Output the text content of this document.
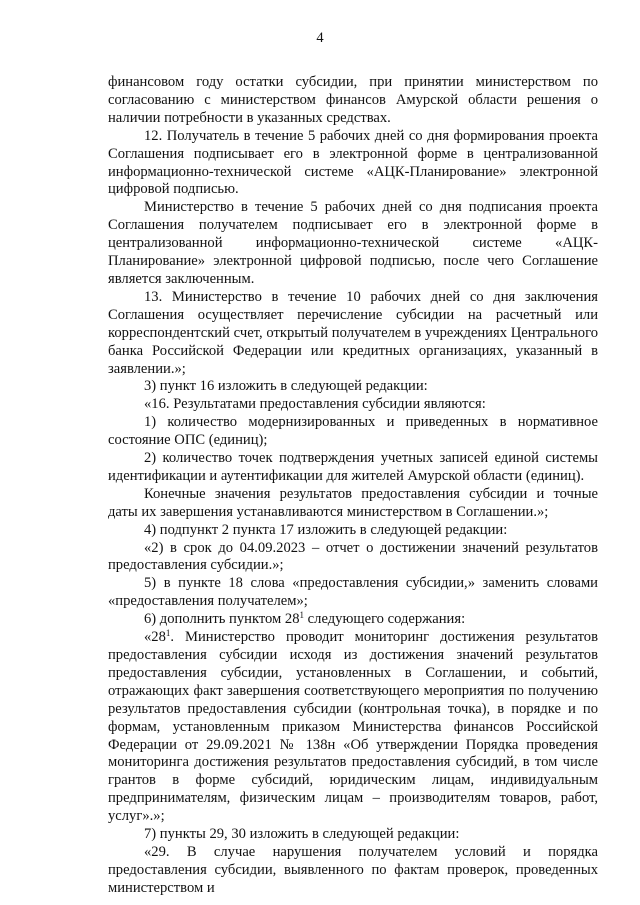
4

финансовом году остатки субсидии, при принятии министерством по согласованию с министерством финансов Амурской области решения о наличии потребности в указанных средствах.

12. Получатель в течение 5 рабочих дней со дня формирования проекта Соглашения подписывает его в электронной форме в централизованной информационно-технической системе «АЦК-Планирование» электронной цифровой подписью.

Министерство в течение 5 рабочих дней со дня подписания проекта Соглашения получателем подписывает его в электронной форме в централизованной информационно-технической системе «АЦК-Планирование» электронной цифровой подписью, после чего Соглашение является заключенным.

13. Министерство в течение 10 рабочих дней со дня заключения Соглашения осуществляет перечисление субсидии на расчетный или корреспондентский счет, открытый получателем в учреждениях Центрального банка Российской Федерации или кредитных организациях, указанный в заявлении.»;

3) пункт 16 изложить в следующей редакции:

«16. Результатами предоставления субсидии являются:

1) количество модернизированных и приведенных в нормативное состояние ОПС (единиц);

2) количество точек подтверждения учетных записей единой системы идентификации и аутентификации для жителей Амурской области (единиц).

Конечные значения результатов предоставления субсидии и точные даты их завершения устанавливаются министерством в Соглашении.»;

4) подпункт 2 пункта 17 изложить в следующей редакции:

«2) в срок до 04.09.2023 – отчет о достижении значений результатов предоставления субсидии.»;

5) в пункте 18 слова «предоставления субсидии,» заменить словами «предоставления получателем»;

6) дополнить пунктом $28^1$ следующего содержания:

«$28^1$. Министерство проводит мониторинг достижения результатов предоставления субсидии исходя из достижения значений результатов предоставления субсидии, установленных в Соглашении, и событий, отражающих факт завершения соответствующего мероприятия по получению результатов предоставления субсидии (контрольная точка), в порядке и по формам, установленным приказом Министерства финансов Российской Федерации от 29.09.2021 № 138н «Об утверждении Порядка проведения мониторинга достижения результатов предоставления субсидий, в том числе грантов в форме субсидий, юридическим лицам, индивидуальным предпринимателям, физическим лицам – производителям товаров, работ, услуг».»;

7) пункты 29, 30 изложить в следующей редакции:

«29. В случае нарушения получателем условий и порядка предоставления субсидии, выявленного по фактам проверок, проведенных министерством и
